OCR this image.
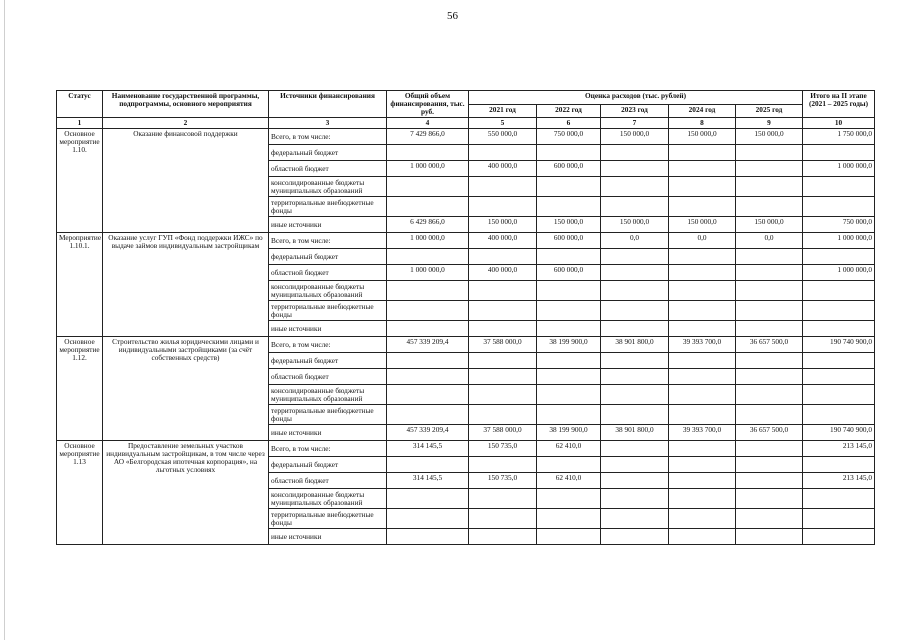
56
Статус	Наименование государственной программы, подпрограммы, основного мероприятия	Источники финансирования	Общий объем финансирования, тыс. руб.	Оценка расходов (тыс. рублей)					Итого на II этапе (2021 – 2025 годы)
				2021 год	2022 год	2023 год	2024 год	2025 год	
1	2	3	4	5	6	7	8	9	10
Основное мероприятие 1.10.	Оказание финансовой поддержки	Всего, в том числе:	7 429 866,0	550 000,0	750 000,0	150 000,0	150 000,0	150 000,0	1 750 000,0
		федеральный бюджет							
		областной бюджет	1 000 000,0	400 000,0	600 000,0				1 000 000,0
		консолидированные бюджеты муниципальных образований							
		территориальные внебюджетные фонды							
		иные источники	6 429 866,0	150 000,0	150 000,0	150 000,0	150 000,0	150 000,0	750 000,0
Мероприятие 1.10.1.	Оказание услуг ГУП «Фонд поддержки ИЖС» по выдаче займов индивидуальным застройщикам	Всего, в том числе:	1 000 000,0	400 000,0	600 000,0	0,0	0,0	0,0	1 000 000,0
		федеральный бюджет							
		областной бюджет	1 000 000,0	400 000,0	600 000,0				1 000 000,0
		консолидированные бюджеты муниципальных образований							
		территориальные внебюджетные фонды							
		иные источники							
Основное мероприятие 1.12.	Строительство жилья юридическими лицами и индивидуальными застройщиками (за счёт собственных средств)	Всего, в том числе:	457 339 209,4	37 588 000,0	38 199 900,0	38 901 800,0	39 393 700,0	36 657 500,0	190 740 900,0
		федеральный бюджет							
		областной бюджет							
		консолидированные бюджеты муниципальных образований							
		территориальные внебюджетные фонды							
		иные источники	457 339 209,4	37 588 000,0	38 199 900,0	38 901 800,0	39 393 700,0	36 657 500,0	190 740 900,0
Основное мероприятие 1.13	Предоставление земельных участков индивидуальным застройщикам, в том числе через АО «Белгородская ипотечная корпорация», на льготных условиях	Всего, в том числе:	314 145,5	150 735,0	62 410,0				213 145,0
		федеральный бюджет							
		областной бюджет	314 145,5	150 735,0	62 410,0				213 145,0
		консолидированные бюджеты муниципальных образований							
		территориальные внебюджетные фонды							
		иные источники							
